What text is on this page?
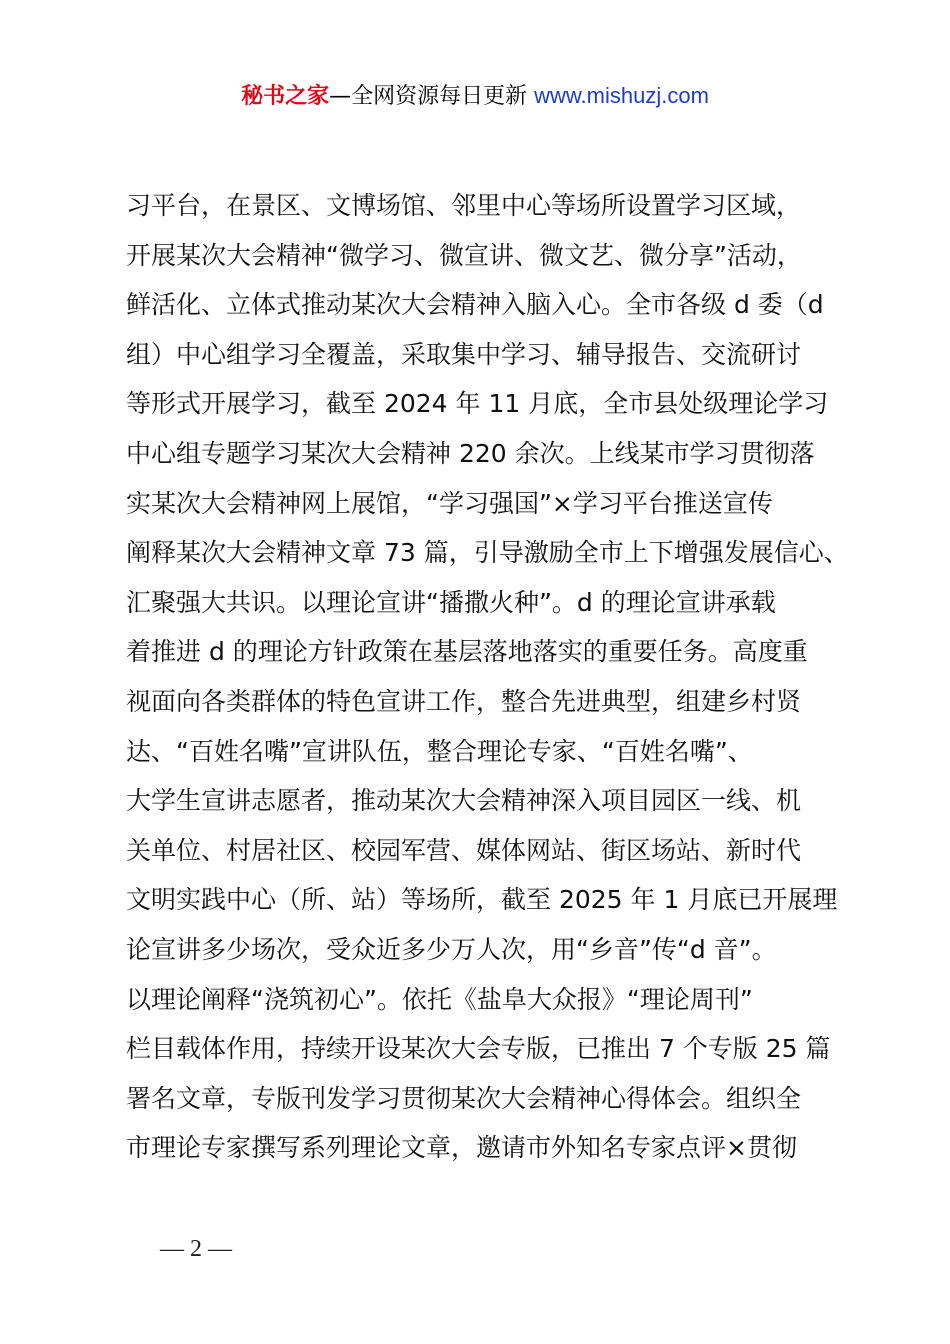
秘书之家—全网资源每日更新 www.mishuzj.com
习平台，在景区、文博场馆、邻里中心等场所设置学习区域，
开展某次大会精神“微学习、微宣讲、微文艺、微分享”活动，
鲜活化、立体式推动某次大会精神入脑入心。全市各级 d 委（d
组）中心组学习全覆盖，采取集中学习、辅导报告、交流研讨
等形式开展学习，截至 2024 年 11 月底，全市县处级理论学习
中心组专题学习某次大会精神 220 余次。上线某市学习贯彻落
实某次大会精神网上展馆，“学习强国”×学习平台推送宣传
阐释某次大会精神文章 73 篇，引导激励全市上下增强发展信心、
汇聚强大共识。以理论宣讲“播撒火种”。d 的理论宣讲承载
着推进 d 的理论方针政策在基层落地落实的重要任务。高度重
视面向各类群体的特色宣讲工作，整合先进典型，组建乡村贤
达、“百姓名嘴”宣讲队伍，整合理论专家、“百姓名嘴”、
大学生宣讲志愿者，推动某次大会精神深入项目园区一线、机
关单位、村居社区、校园军营、媒体网站、街区场站、新时代
文明实践中心（所、站）等场所，截至 2025 年 1 月底已开展理
论宣讲多少场次，受众近多少万人次，用“乡音”传“d 音”。
以理论阐释“浇筑初心”。依托《盐阜大众报》“理论周刊”
栏目载体作用，持续开设某次大会专版，已推出 7 个专版 25 篇
署名文章，专版刊发学习贯彻某次大会精神心得体会。组织全
市理论专家撰写系列理论文章，邀请市外知名专家点评×贯彻
— 2 —
